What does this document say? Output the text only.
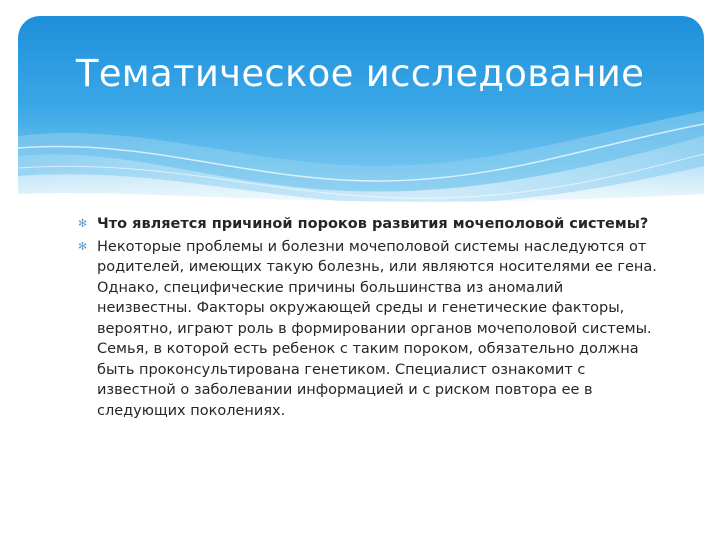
Тематическое исследование
✻ Что является причиной пороков развития мочеполовой системы?
✻ Некоторые проблемы и болезни мочеполовой системы наследуются от родителей, имеющих такую болезнь, или являются носителями ее гена. Однако, специфические причины большинства из аномалий неизвестны. Факторы окружающей среды и генетические факторы, вероятно, играют роль в формировании органов мочеполовой системы. Семья, в которой есть ребенок с таким пороком, обязательно должна быть проконсультирована генетиком. Специалист ознакомит с известной о заболевании информацией и с риском повтора ее в следующих поколениях.
